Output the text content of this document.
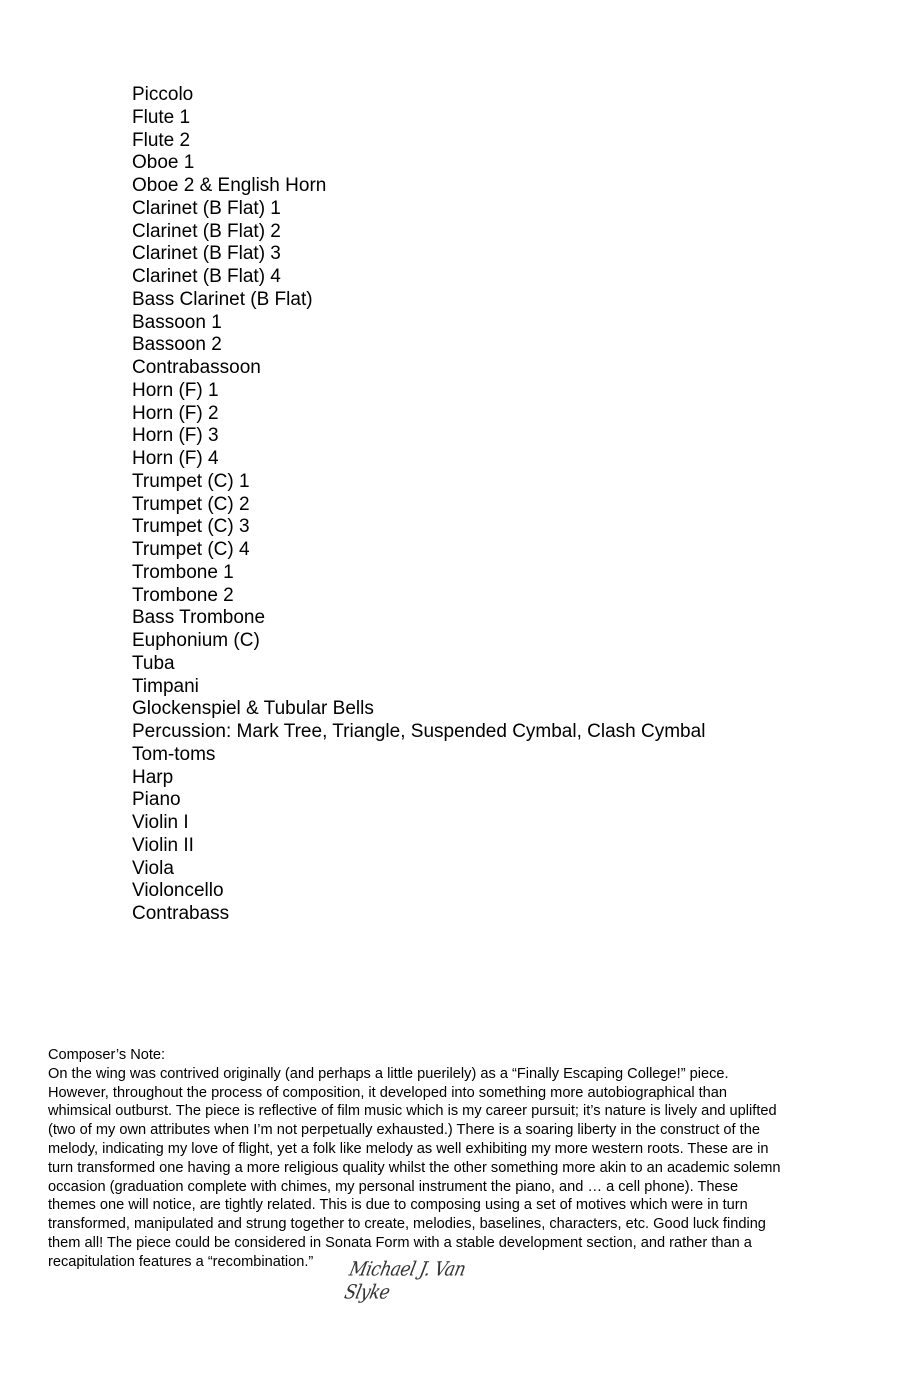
Piccolo
Flute 1
Flute 2
Oboe 1
Oboe 2 & English Horn
Clarinet (B Flat) 1
Clarinet (B Flat) 2
Clarinet (B Flat) 3
Clarinet (B Flat) 4
Bass Clarinet (B Flat)
Bassoon 1
Bassoon 2
Contrabassoon
Horn (F) 1
Horn (F) 2
Horn (F) 3
Horn (F) 4
Trumpet (C) 1
Trumpet (C) 2
Trumpet (C) 3
Trumpet (C) 4
Trombone 1
Trombone 2
Bass Trombone
Euphonium (C)
Tuba
Timpani
Glockenspiel & Tubular Bells
Percussion: Mark Tree, Triangle, Suspended Cymbal, Clash Cymbal
Tom-toms
Harp
Piano
Violin I
Violin II
Viola
Violoncello
Contrabass

Composer’s Note:

On the wing was contrived originally (and perhaps a little puerilely) as a “Finally Escaping College!” piece.
However, throughout the process of composition, it developed into something more autobiographical than
whimsical outburst. The piece is reflective of film music which is my career pursuit; it’s nature is lively and uplifted
(two of my own attributes when I’m not perpetually exhausted.) There is a soaring liberty in the construct of the
melody, indicating my love of flight, yet a folk like melody as well exhibiting my more western roots. These are in
turn transformed one having a more religious quality whilst the other something more akin to an academic solemn
occasion (graduation complete with chimes, my personal instrument the piano, and … a cell phone). These
themes one will notice, are tightly related. This is due to composing using a set of motives which were in turn
transformed, manipulated and strung together to create, melodies, baselines, characters, etc. Good luck finding
them all! The piece could be considered in Sonata Form with a stable development section, and rather than a
recapitulation features a “recombination.”	Michael J. Van Slyke
